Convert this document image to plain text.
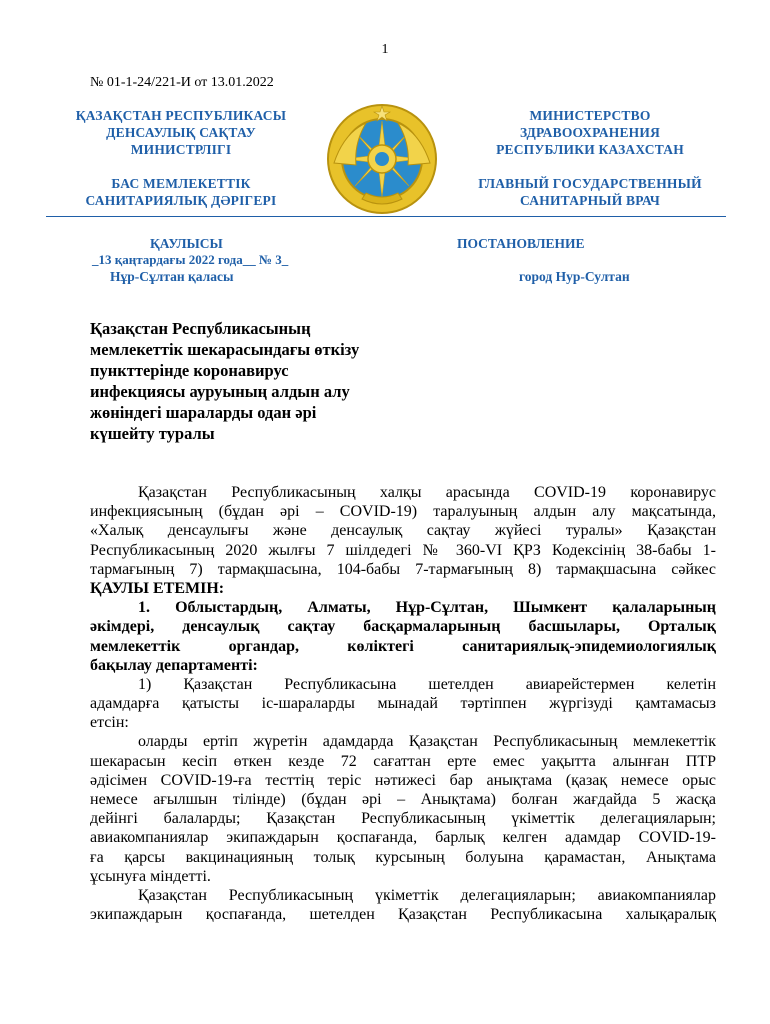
1
№ 01-1-24/221-И от 13.01.2022
ҚАЗАҚСТАН РЕСПУБЛИКАСЫ
ДЕНСАУЛЫҚ САҚТАУ
МИНИСТРЛІГІ
БАС МЕМЛЕКЕТТІК
САНИТАРИЯЛЫҚ ДӘРІГЕРІ
МИНИСТЕРСТВО
ЗДРАВООХРАНЕНИЯ
РЕСПУБЛИКИ КАЗАХСТАН
ГЛАВНЫЙ ГОСУДАРСТВЕННЫЙ
САНИТАРНЫЙ ВРАЧ
ҚАУЛЫСЫ	ПОСТАНОВЛЕНИЕ
_13 қаңтардағы 2022 года__ № 3_
Нұр-Сұлтан қаласы	город Нур-Султан
Қазақстан Республикасының
мемлекеттік шекарасындағы өткізу
пункттерінде коронавирус
инфекциясы ауруының алдын алу
жөніндегі шараларды одан әрі
күшейту туралы
Қазақстан Республикасының халқы арасында COVID-19 коронавирус
инфекциясының (бұдан әрі – COVID-19) таралуының алдын алу мақсатында,
«Халық денсаулығы және денсаулық сақтау жүйесі туралы» Қазақстан
Республикасының 2020 жылғы 7 шілдедегі № 360-VI ҚРЗ Кодексінің 38-бабы 1-
тармағының 7) тармақшасына, 104-бабы 7-тармағының 8) тармақшасына сәйкес
ҚАУЛЫ ЕТЕМІН:
1. Облыстардың, Алматы, Нұр-Сұлтан, Шымкент қалаларының
әкімдері, денсаулық сақтау басқармаларының басшылары, Орталық
мемлекеттік органдар, көліктегі санитариялық-эпидемиологиялық
бақылау департаменті:
1) Қазақстан Республикасына шетелден авиарейстермен келетін
адамдарға қатысты іс-шараларды мынадай тәртіппен жүргізуді қамтамасыз
етсін:
оларды ертіп жүретін адамдарда Қазақстан Республикасының мемлекеттік
шекарасын кесіп өткен кезде 72 сағаттан ерте емес уақытта алынған ПТР
әдісімен COVID-19-ға тесттің теріс нәтижесі бар анықтама (қазақ немесе орыс
немесе ағылшын тілінде) (бұдан әрі – Анықтама) болған жағдайда 5 жасқа
дейінгі балаларды; Қазақстан Республикасының үкіметтік делегацияларын;
авиакомпаниялар экипаждарын қоспағанда, барлық келген адамдар COVID-19-
ға қарсы вакцинацияның толық курсының болуына қарамастан, Анықтама
ұсынуға міндетті.
Қазақстан Республикасының үкіметтік делегацияларын; авиакомпаниялар
экипаждарын қоспағанда, шетелден Қазақстан Республикасына халықаралық
